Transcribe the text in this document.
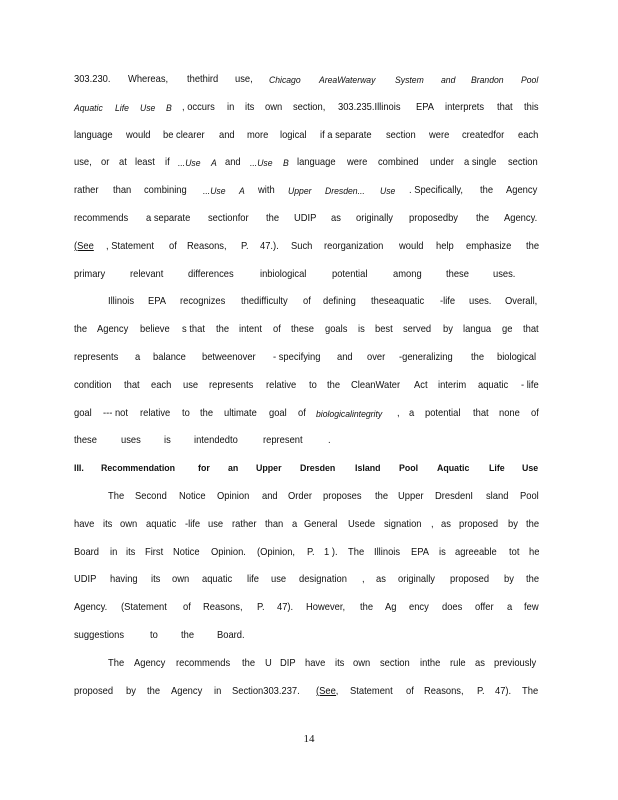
14
303.230. Whereas, thethird use, Chicago AreaWaterway System and Brandon Pool
Aquatic Life Use B , occurs in its own section, 303.235.Illinois EPA interprets that this
language would be clearer and more logical if a separate section were createdfor each
use, or at least if ...Use A and ...Use B language were combined under a single section
rather than combining ...Use A with Upper Dresden... Use . Specifically, the Agency
recommends a separate sectionfor the UDIP as originally proposedby the Agency.
(See , Statement of Reasons, P. 47.). Such reorganization would help emphasize the
primary relevant differences	inbiological	potential among these uses.
Illinois EPA recognizes thedifficulty of defining theseaquatic -life uses. Overall,
the Agency believe s that the intent of these goals is best served by langua ge that
represents a balance betweenover - specifying and over -generalizing the biological
condition that each use represents relative to the CleanWater Act interim aquatic - life
goal --- not relative to the ultimate goal of biologicalintegrity , a potential that none of
these uses is intendedto	represent .
III. Recommendation for an Upper Dresden Island Pool Aquatic Life Use
The Second Notice Opinion and Order proposes the Upper DresdenI sland Pool
have its own aquatic -life use rather than a General Usede signation , as proposed by the
Board in its First Notice Opinion. (Opinion, P. 1 ). The Illinois EPA is agreeable tot he
UDIP having its own aquatic life use designation , as originally proposed by the
Agency. (Statement of Reasons, P. 47). However, the Ag ency does offer a few
suggestions	to the Board.
The Agency recommends the U DIP have its own section inthe rule as previously
proposed by the Agency in Section303.237. (See, Statement of Reasons, P. 47). The
